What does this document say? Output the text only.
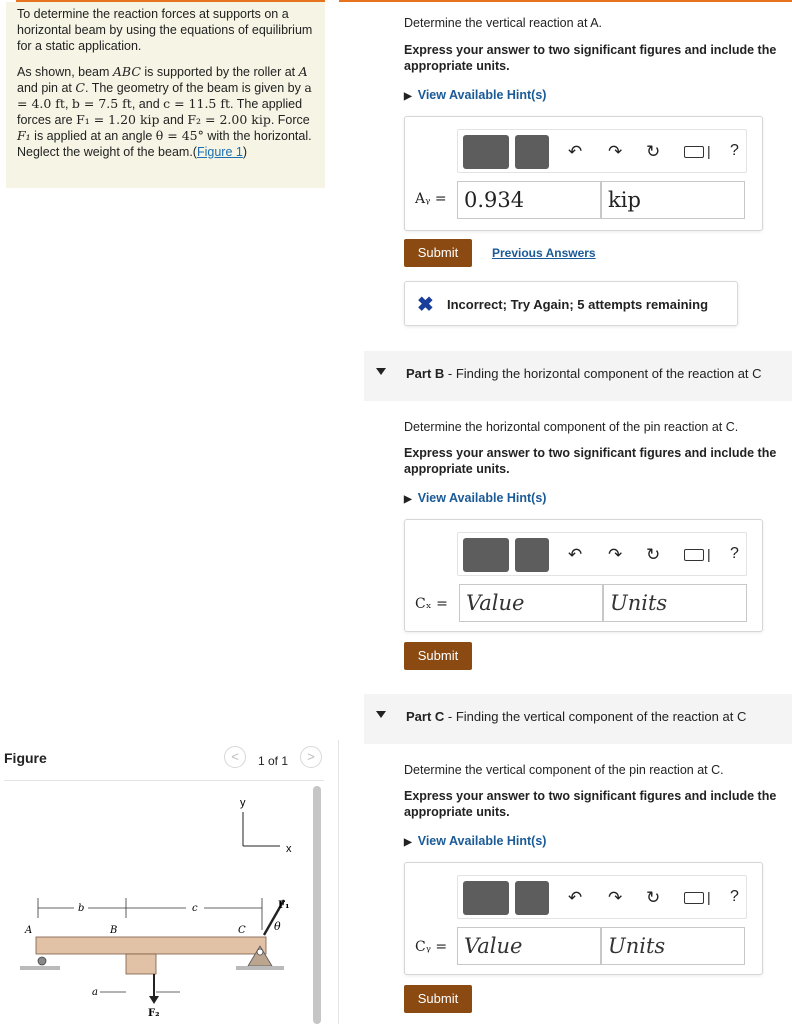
To determine the reaction forces at supports on a horizontal beam by using the equations of equilibrium for a static application.

As shown, beam ABC is supported by the roller at A and pin at C. The geometry of the beam is given by a = 4.0 ft, b = 7.5 ft, and c = 11.5 ft. The applied forces are F₁ = 1.20 kip and F₂ = 2.00 kip. Force F₁ is applied at an angle θ = 45° with the horizontal. Neglect the weight of the beam.(Figure 1)

Figure	<	1 of 1	>
y
x
b	c
A	B	C
F₁
θ
a
F₂
Determine the vertical reaction at A.
Express your answer to two significant figures and include the appropriate units.
▶ View Available Hint(s)
↶ ↷ ↻	| ?
Aᵧ = 0.934	kip
Submit	Previous Answers
✖ Incorrect; Try Again; 5 attempts remaining
Part B - Finding the horizontal component of the reaction at C
Determine the horizontal component of the pin reaction at C.
Express your answer to two significant figures and include the appropriate units.
▶ View Available Hint(s)
↶ ↷ ↻	| ?
Cₓ = Value	Units
Submit
Part C - Finding the vertical component of the reaction at C
Determine the vertical component of the pin reaction at C.
Express your answer to two significant figures and include the appropriate units.
▶ View Available Hint(s)
↶ ↷ ↻	| ?
Cᵧ = Value	Units
Submit
